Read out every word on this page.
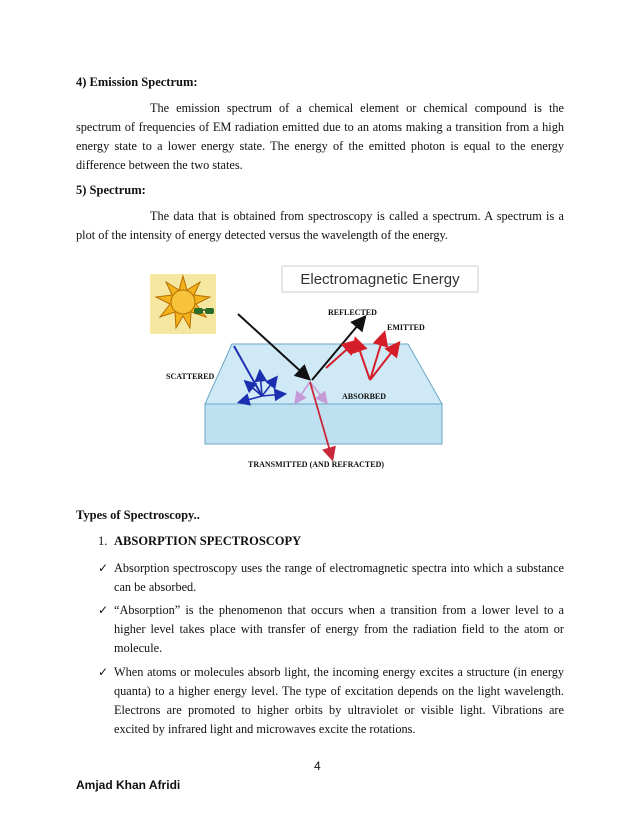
4) Emission Spectrum:

The emission spectrum of a chemical element or chemical compound is the spectrum of frequencies of EM radiation emitted due to an atoms making a transition from a high energy state to a lower energy state. The energy of the emitted photon is equal to the energy difference between the two states.

5) Spectrum:

The data that is obtained from spectroscopy is called a spectrum. A spectrum is a plot of the intensity of energy detected versus the wavelength of the energy.

Electromagnetic Energy
REFLECTED
EMITTED
SCATTERED
ABSORBED
TRANSMITTED (AND REFRACTED)
Types of Spectroscopy..
1. ABSORPTION SPECTROSCOPY
✓ Absorption spectroscopy uses the range of electromagnetic spectra into which a substance can be absorbed.
✓ “Absorption” is the phenomenon that occurs when a transition from a lower level to a higher level takes place with transfer of energy from the radiation field to the atom or molecule.
✓ When atoms or molecules absorb light, the incoming energy excites a structure (in energy quanta) to a higher energy level. The type of excitation depends on the light wavelength. Electrons are promoted to higher orbits by ultraviolet or visible light. Vibrations are excited by infrared light and microwaves excite the rotations.
4
Amjad Khan Afridi
